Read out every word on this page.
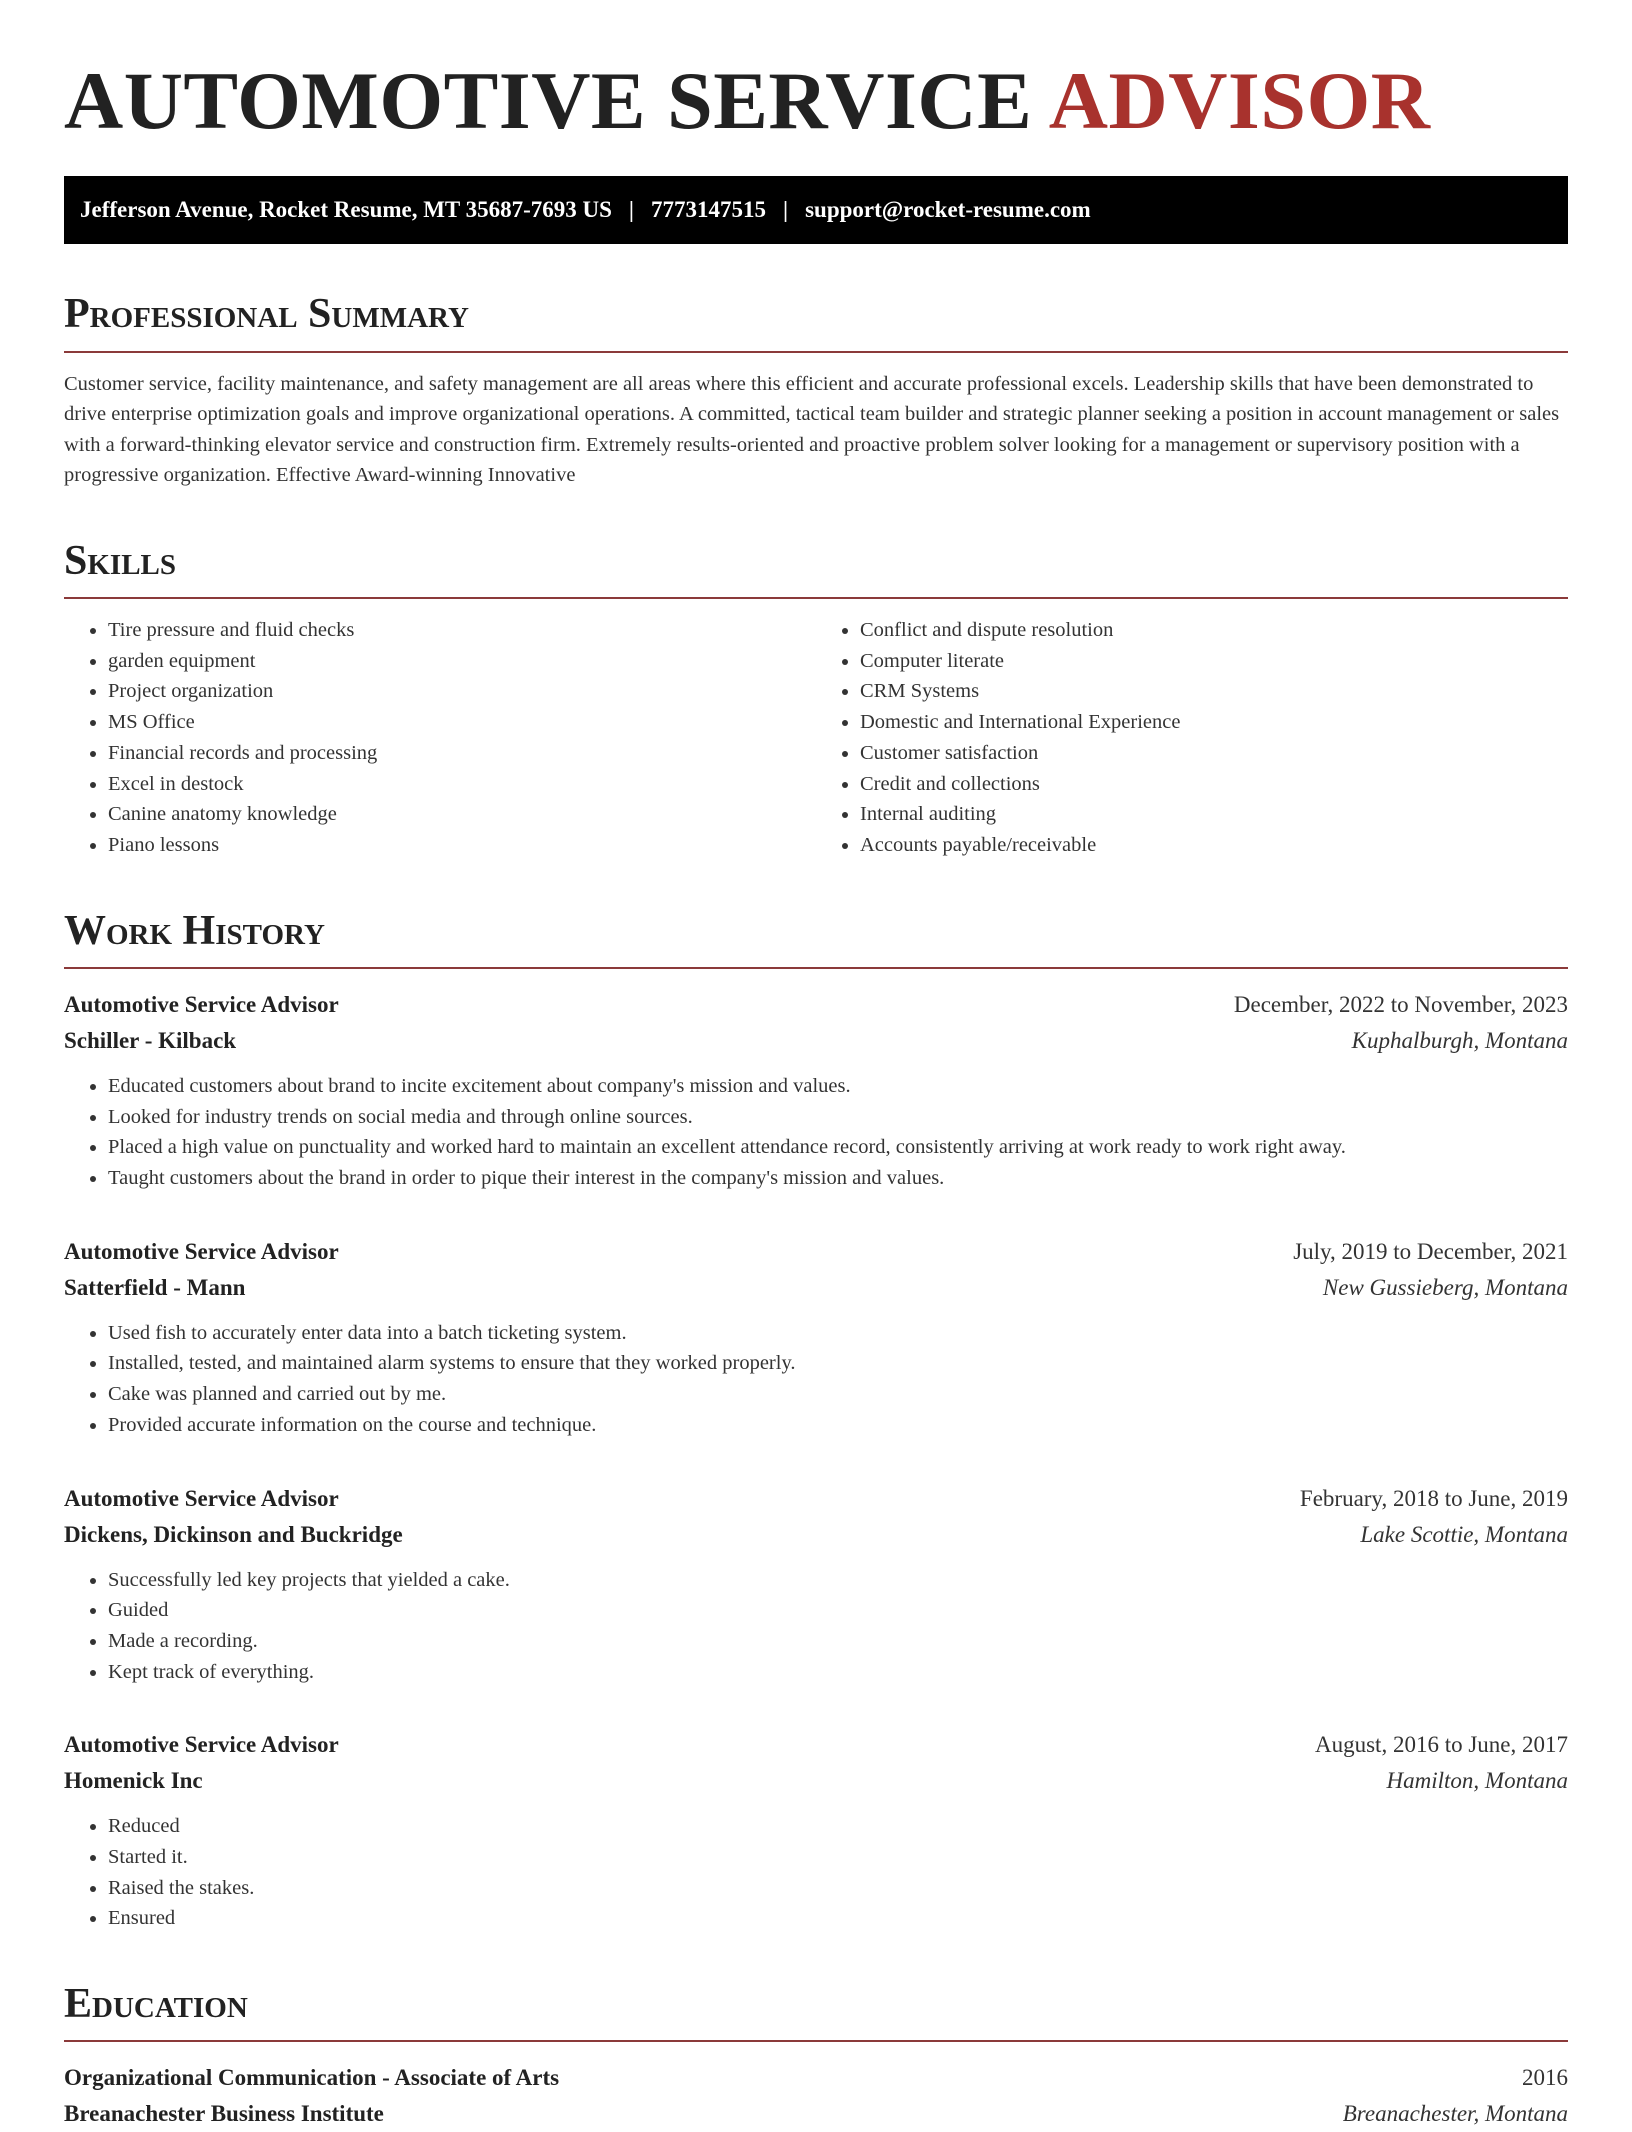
AUTOMOTIVE SERVICE ADVISOR
Jefferson Avenue, Rocket Resume, MT 35687-7693 US | 7773147515 | support@rocket-resume.com
Professional Summary

Customer service, facility maintenance, and safety management are all areas where this efficient and accurate professional excels. Leadership skills that have been demonstrated to drive enterprise optimization goals and improve organizational operations. A committed, tactical team builder and strategic planner seeking a position in account management or sales with a forward-thinking elevator service and construction firm. Extremely results-oriented and proactive problem solver looking for a management or supervisory position with a progressive organization. Effective Award-winning Innovative

Skills
• Tire pressure and fluid checks
• garden equipment
• Project organization
• MS Office
• Financial records and processing
• Excel in destock
• Canine anatomy knowledge
• Piano lessons
• Conflict and dispute resolution
• Computer literate
• CRM Systems
• Domestic and International Experience
• Customer satisfaction
• Credit and collections
• Internal auditing
• Accounts payable/receivable
Work History
Automotive Service Advisor	December, 2022 to November, 2023
Schiller - Kilback	Kuphalburgh, Montana
• Educated customers about brand to incite excitement about company's mission and values.
• Looked for industry trends on social media and through online sources.
• Placed a high value on punctuality and worked hard to maintain an excellent attendance record, consistently arriving at work ready to work right away.
• Taught customers about the brand in order to pique their interest in the company's mission and values.
Automotive Service Advisor	July, 2019 to December, 2021
Satterfield - Mann	New Gussieberg, Montana
• Used fish to accurately enter data into a batch ticketing system.
• Installed, tested, and maintained alarm systems to ensure that they worked properly.
• Cake was planned and carried out by me.
• Provided accurate information on the course and technique.
Automotive Service Advisor	February, 2018 to June, 2019
Dickens, Dickinson and Buckridge	Lake Scottie, Montana
• Successfully led key projects that yielded a cake.
• Guided
• Made a recording.
• Kept track of everything.
Automotive Service Advisor	August, 2016 to June, 2017
Homenick Inc	Hamilton, Montana
• Reduced
• Started it.
• Raised the stakes.
• Ensured
Education
Organizational Communication - Associate of Arts	2016
Breanachester Business Institute	Breanachester, Montana
